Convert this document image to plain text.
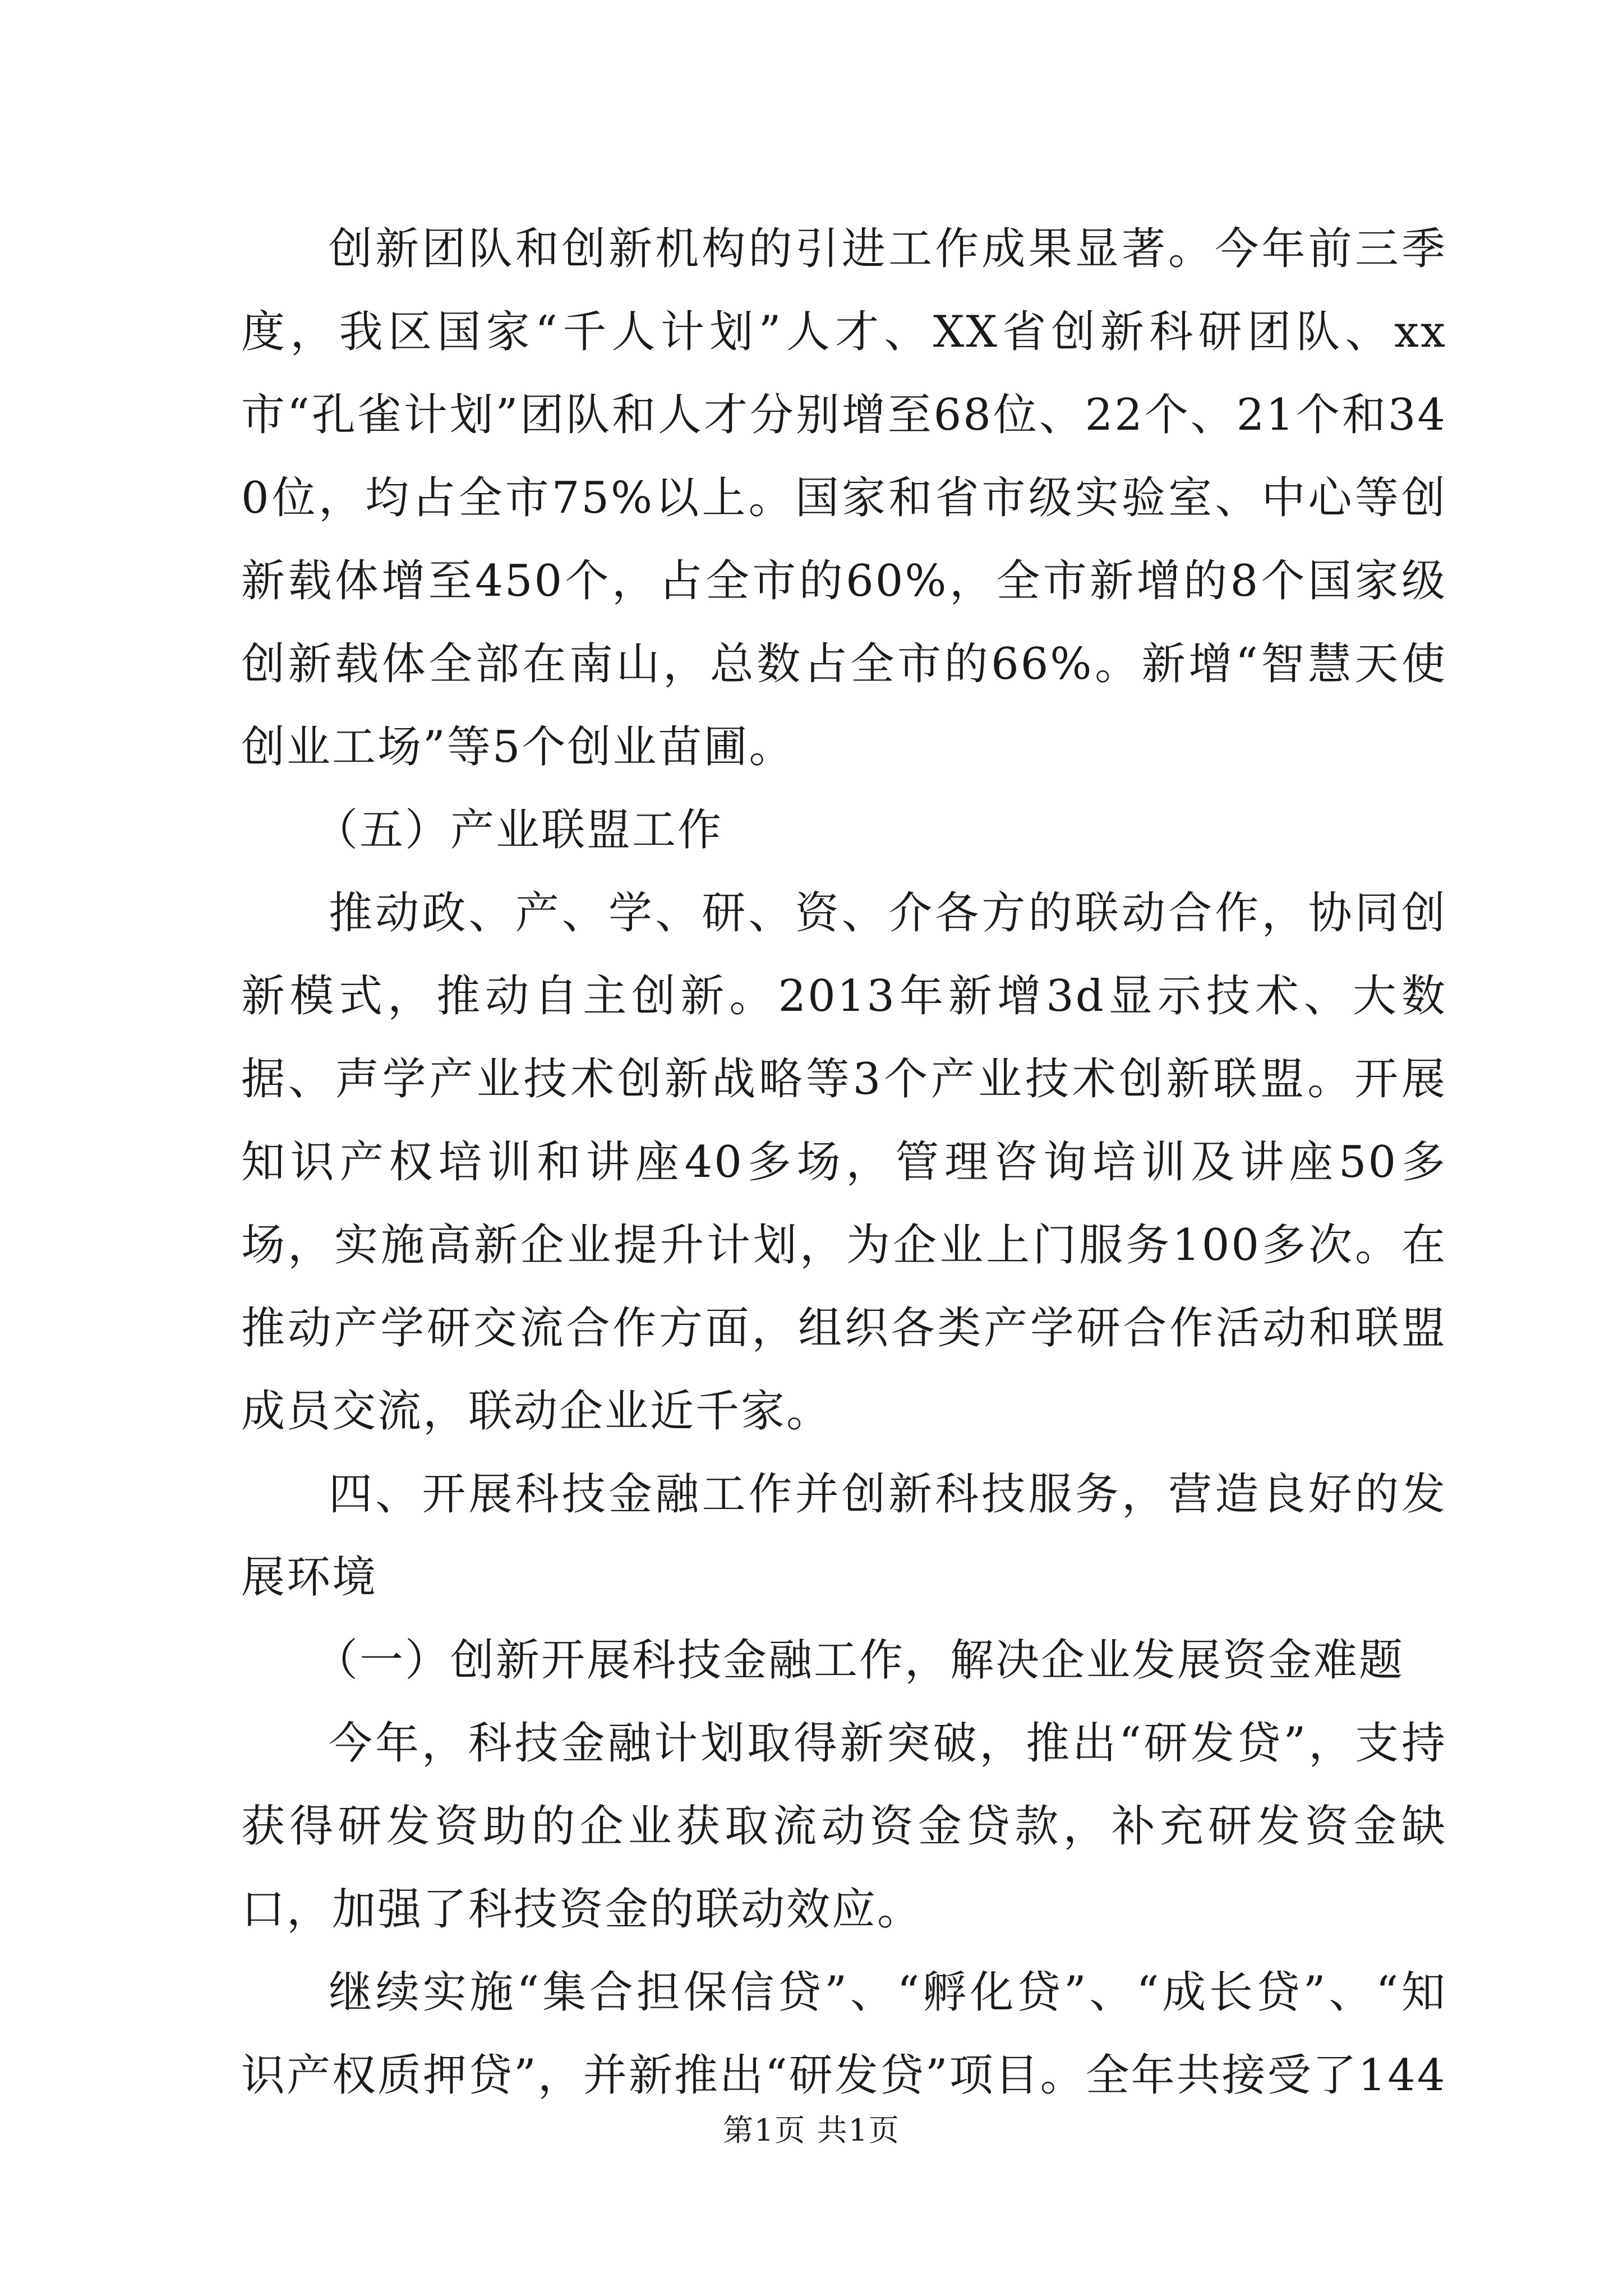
创新团队和创新机构的引进工作成果显著。今年前三季度，我区国家“千人计划”人才、XX省创新科研团队、xx市“孔雀计划”团队和人才分别增至68位、22个、21个和340位，均占全市75%以上。国家和省市级实验室、中心等创新载体增至450个，占全市的60%，全市新增的8个国家级创新载体全部在南山，总数占全市的66%。新增“智慧天使创业工场”等5个创业苗圃。

（五）产业联盟工作

推动政、产、学、研、资、介各方的联动合作，协同创新模式，推动自主创新。2013年新增3d显示技术、大数据、声学产业技术创新战略等3个产业技术创新联盟。开展知识产权培训和讲座40多场，管理咨询培训及讲座50多场，实施高新企业提升计划，为企业上门服务100多次。在推动产学研交流合作方面，组织各类产学研合作活动和联盟成员交流，联动企业近千家。

四、开展科技金融工作并创新科技服务，营造良好的发展环境

（一）创新开展科技金融工作，解决企业发展资金难题

今年，科技金融计划取得新突破，推出“研发贷”，支持获得研发资助的企业获取流动资金贷款，补充研发资金缺口，加强了科技资金的联动效应。

继续实施“集合担保信贷”、“孵化贷”、“成长贷”、“知识产权质押贷”，并新推出“研发贷”项目。全年共接受了144

第1页 共1页
